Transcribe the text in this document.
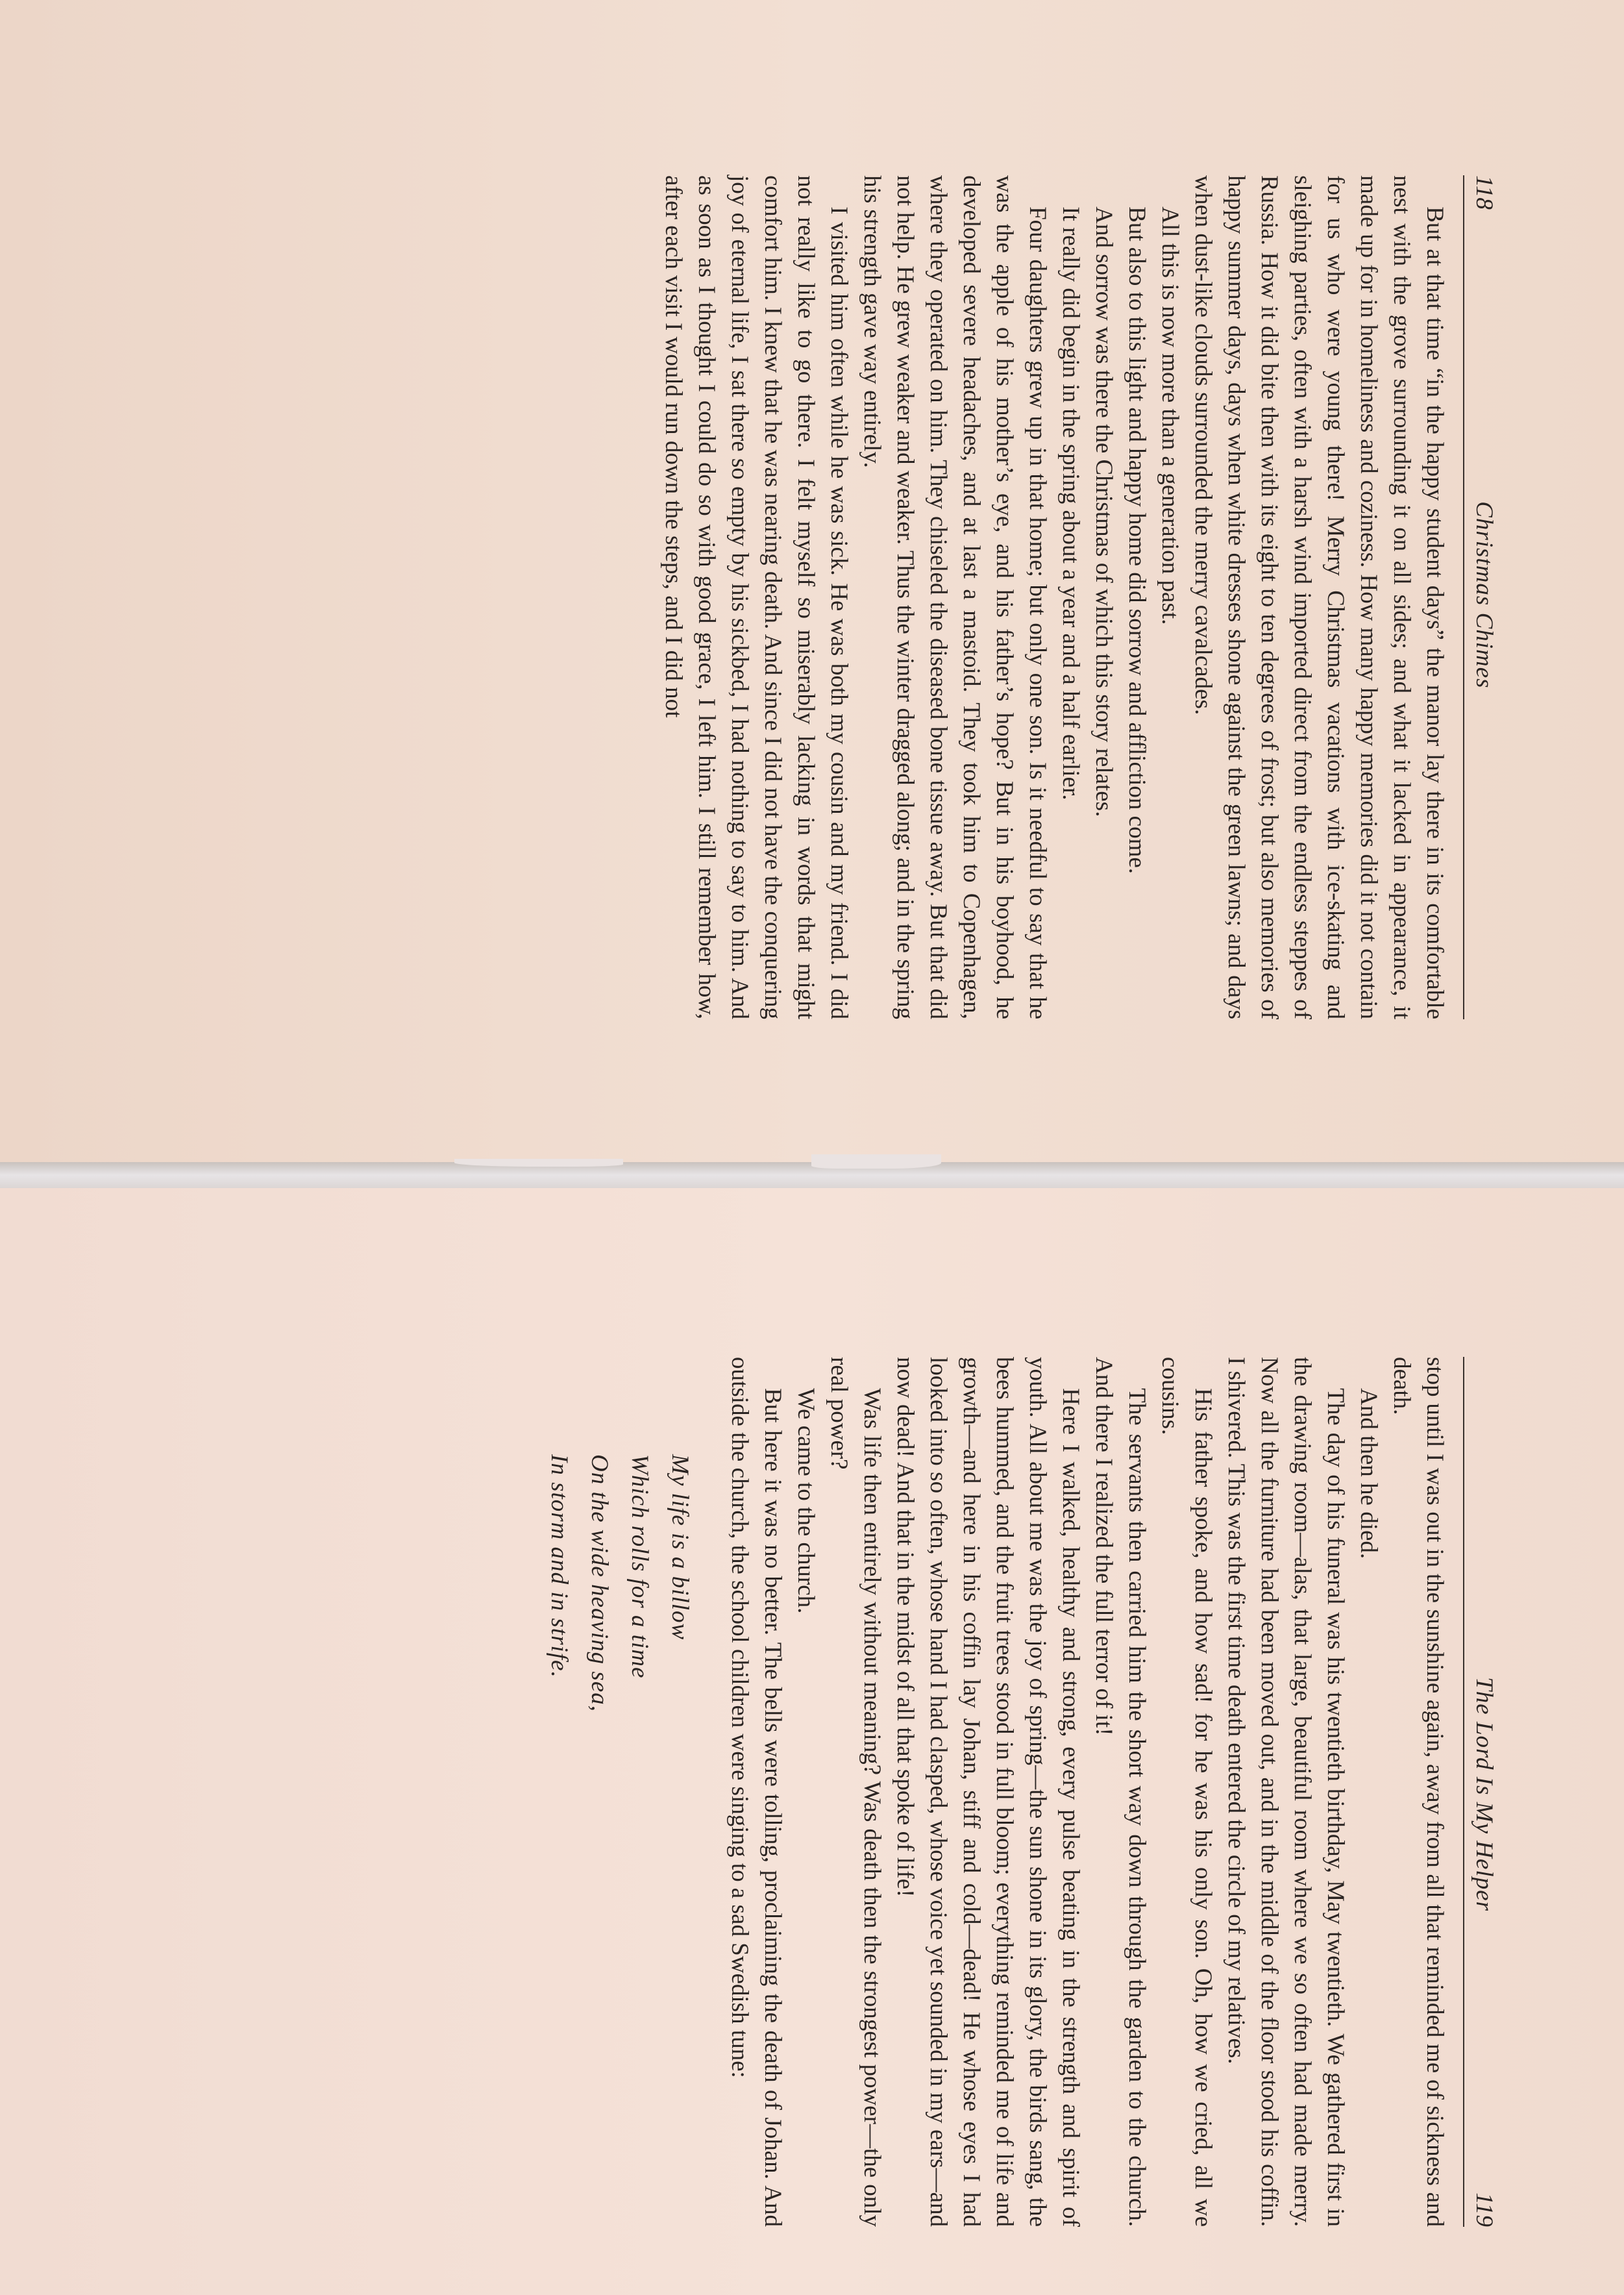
118
Christmas Chimes

But at that time “in the happy student days” the manor lay there in its comfortable nest with the grove surrounding it on all sides; and what it lacked in appearance, it made up for in homeliness and coziness. How many happy memories did it not contain for us who were young there! Merry Christmas vacations with ice-skating and sleighing parties, often with a harsh wind imported direct from the endless steppes of Russia. How it did bite then with its eight to ten degrees of frost; but also memories of happy summer days, days when white dresses shone against the green lawns; and days when dust-like clouds surrounded the merry cavalcades.

All this is now more than a generation past.

But also to this light and happy home did sorrow and affliction come.

And sorrow was there the Christmas of which this story relates.

It really did begin in the spring about a year and a half earlier.

Four daughters grew up in that home; but only one son. Is it needful to say that he was the apple of his mother’s eye, and his father’s hope? But in his boyhood, he developed severe headaches, and at last a mastoid. They took him to Copenhagen, where they operated on him. They chiseled the diseased bone tissue away. But that did not help. He grew weaker and weaker. Thus the winter dragged along; and in the spring his strength gave way entirely.

I visited him often while he was sick. He was both my cousin and my friend. I did not really like to go there. I felt myself so miserably lacking in words that might comfort him. I knew that he was nearing death. And since I did not have the conquering joy of eternal life, I sat there so empty by his sickbed, I had nothing to say to him. And as soon as I thought I could do so with good grace, I left him. I still remember how, after each visit I would run down the steps, and I did not

The Lord Is My Helper
119

stop until I was out in the sunshine again, away from all that reminded me of sickness and death.

And then he died.

The day of his funeral was his twentieth birthday, May twentieth. We gathered first in the drawing room—alas, that large, beautiful room where we so often had made merry. Now all the furniture had been moved out, and in the middle of the floor stood his coffin. I shivered. This was the first time death entered the circle of my relatives.

His father spoke, and how sad! for he was his only son. Oh, how we cried, all we cousins.

The servants then carried him the short way down through the garden to the church. And there I realized the full terror of it!

Here I walked, healthy and strong, every pulse beating in the strength and spirit of youth. All about me was the joy of spring—the sun shone in its glory, the birds sang, the bees hummed, and the fruit trees stood in full bloom; everything reminded me of life and growth—and here in his coffin lay Johan, stiff and cold—dead! He whose eyes I had looked into so often, whose hand I had clasped, whose voice yet sounded in my ears—and now dead! And that in the midst of all that spoke of life!

Was life then entirely without meaning? Was death then the strongest power—the only real power?

We came to the church.

But here it was no better. The bells were tolling, proclaiming the death of Johan. And outside the church, the school children were singing to a sad Swedish tune:

My life is a billow
Which rolls for a time
On the wide heaving sea,
In storm and in strife.
